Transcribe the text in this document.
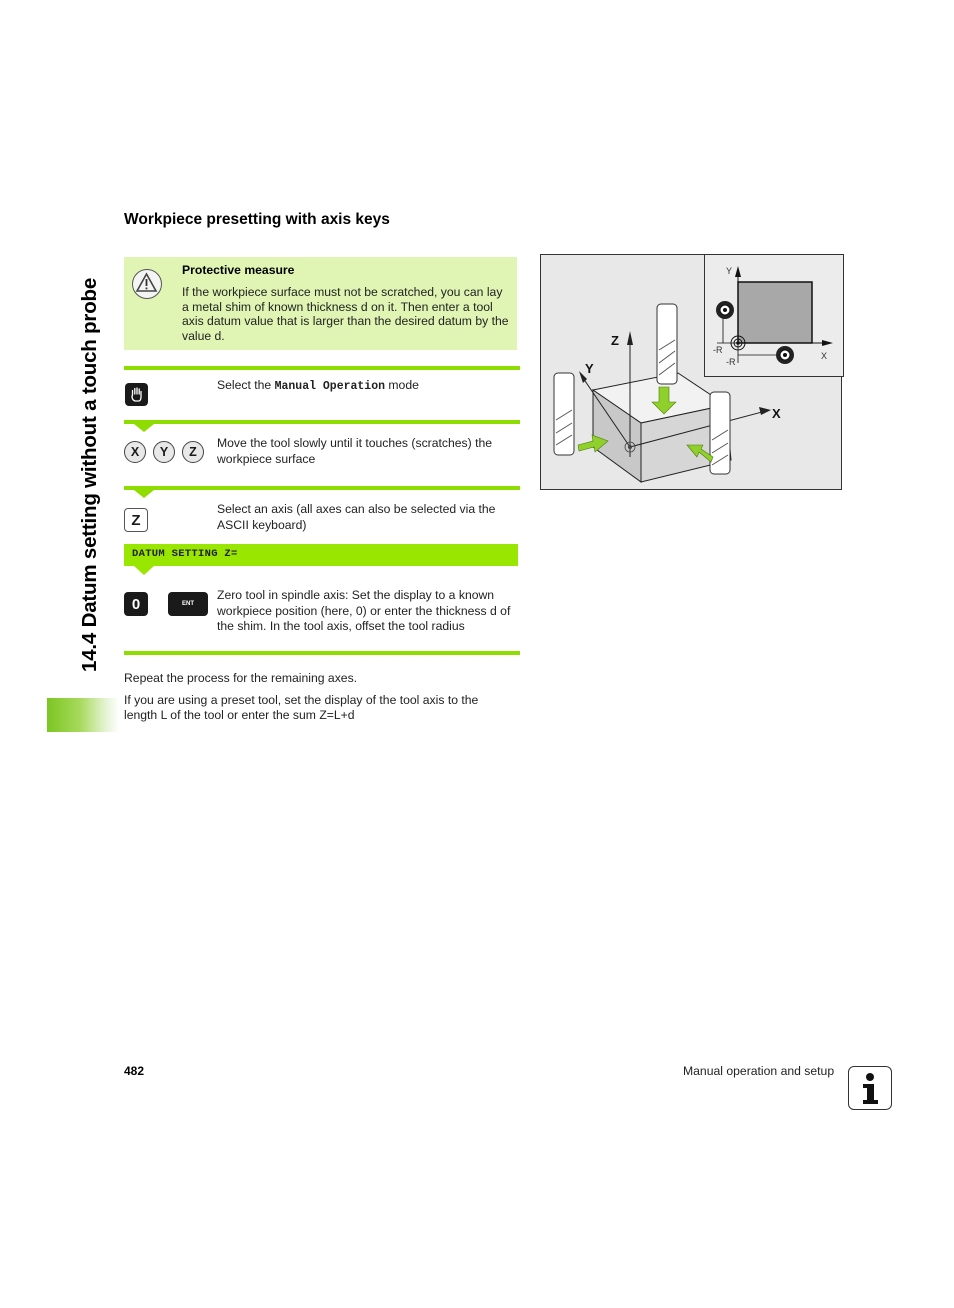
14.4 Datum setting without a touch probe
Workpiece presetting with axis keys
Protective measure
If the workpiece surface must not be scratched, you can lay a metal shim of known thickness d on it. Then enter a tool axis datum value that is larger than the desired datum by the value d.
Select the Manual Operation mode
X	Y	Z
Move the tool slowly until it touches (scratches) the workpiece surface
Z
Select an axis (all axes can also be selected via the ASCII keyboard)
DATUM SETTING Z=
0	ENT
Zero tool in spindle axis: Set the display to a known workpiece position (here, 0) or enter the thickness d of the shim. In the tool axis, offset the tool radius
Repeat the process for the remaining axes.
If you are using a preset tool, set the display of the tool axis to the length L of the tool or enter the sum Z=L+d
Z
Y
X
Y
X
-R
-R
482	Manual operation and setup
